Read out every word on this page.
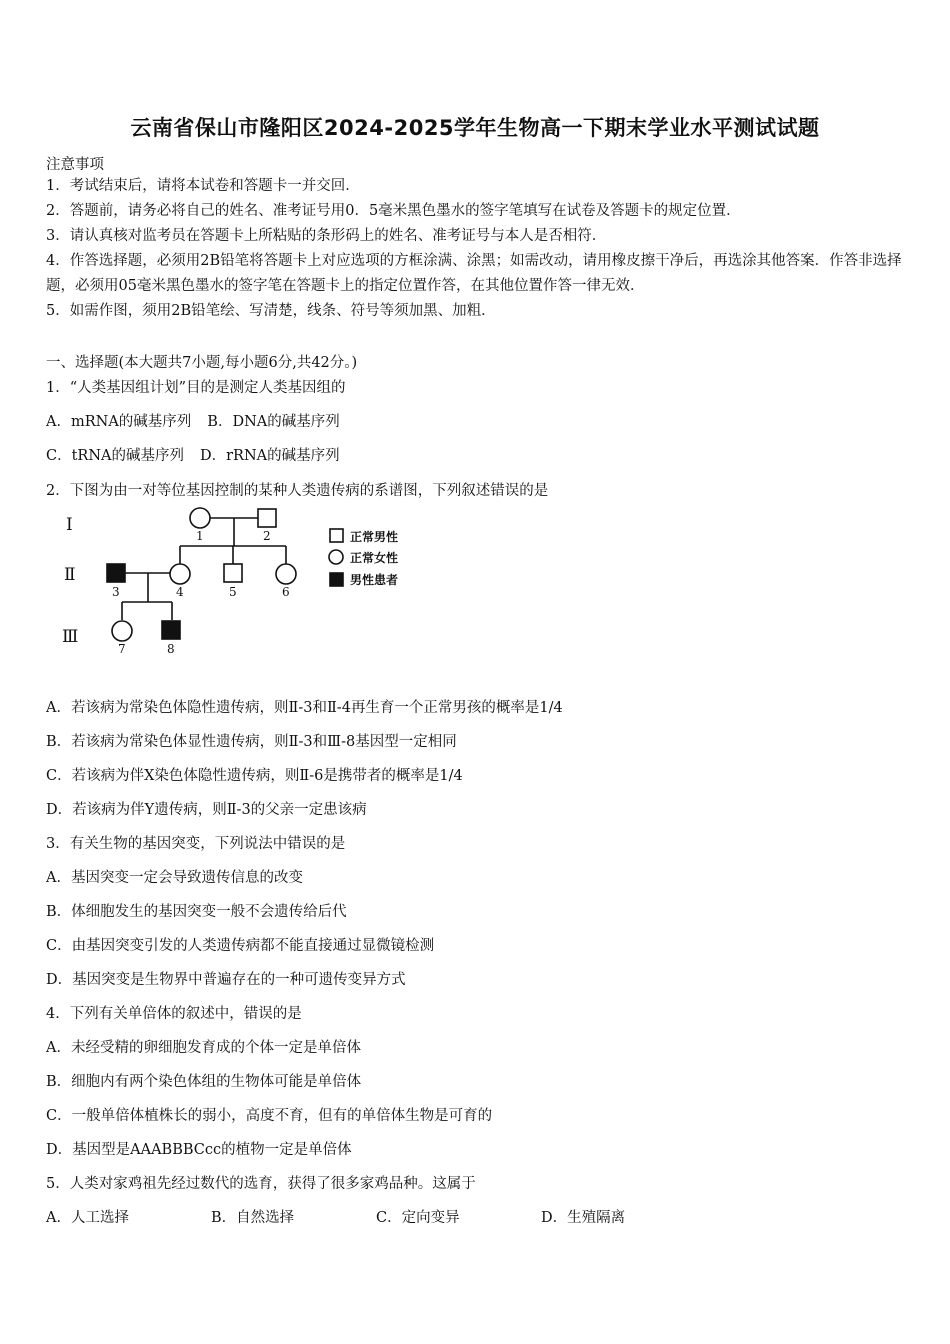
云南省保山市隆阳区2024-2025学年生物高一下期末学业水平测试试题
注意事项
1．考试结束后，请将本试卷和答题卡一并交回．
2．答题前，请务必将自己的姓名、准考证号用0．5毫米黑色墨水的签字笔填写在试卷及答题卡的规定位置．
3．请认真核对监考员在答题卡上所粘贴的条形码上的姓名、准考证号与本人是否相符．
4．作答选择题，必须用2B铅笔将答题卡上对应选项的方框涂满、涂黑；如需改动，请用橡皮擦干净后，再选涂其他答案．作答非选择题，必须用05毫米黑色墨水的签字笔在答题卡上的指定位置作答，在其他位置作答一律无效．
5．如需作图，须用2B铅笔绘、写清楚，线条、符号等须加黑、加粗．
一、选择题(本大题共7小题,每小题6分,共42分。)
1．“人类基因组计划”目的是测定人类基因组的
A．mRNA的碱基序列 B．DNA的碱基序列
C．tRNA的碱基序列 D．rRNA的碱基序列
2．下图为由一对等位基因控制的某种人类遗传病的系谱图，下列叙述错误的是
Ⅰ
Ⅱ
Ⅲ
1	2
3	4	5	6
7	8
正常男性
正常女性
男性患者
A．若该病为常染色体隐性遗传病，则Ⅱ-3和Ⅱ-4再生育一个正常男孩的概率是1/4
B．若该病为常染色体显性遗传病，则Ⅱ-3和Ⅲ-8基因型一定相同
C．若该病为伴X染色体隐性遗传病，则Ⅱ-6是携带者的概率是1/4
D．若该病为伴Y遗传病，则Ⅱ-3的父亲一定患该病
3．有关生物的基因突变，下列说法中错误的是
A．基因突变一定会导致遗传信息的改变
B．体细胞发生的基因突变一般不会遗传给后代
C．由基因突变引发的人类遗传病都不能直接通过显微镜检测
D．基因突变是生物界中普遍存在的一种可遗传变异方式
4．下列有关单倍体的叙述中，错误的是
A．未经受精的卵细胞发育成的个体一定是单倍体
B．细胞内有两个染色体组的生物体可能是单倍体
C．一般单倍体植株长的弱小，高度不育，但有的单倍体生物是可育的
D．基因型是AAABBBCcc的植物一定是单倍体
5．人类对家鸡祖先经过数代的选育，获得了很多家鸡品种。这属于
A．人工选择	B．自然选择	C．定向变异	D．生殖隔离
